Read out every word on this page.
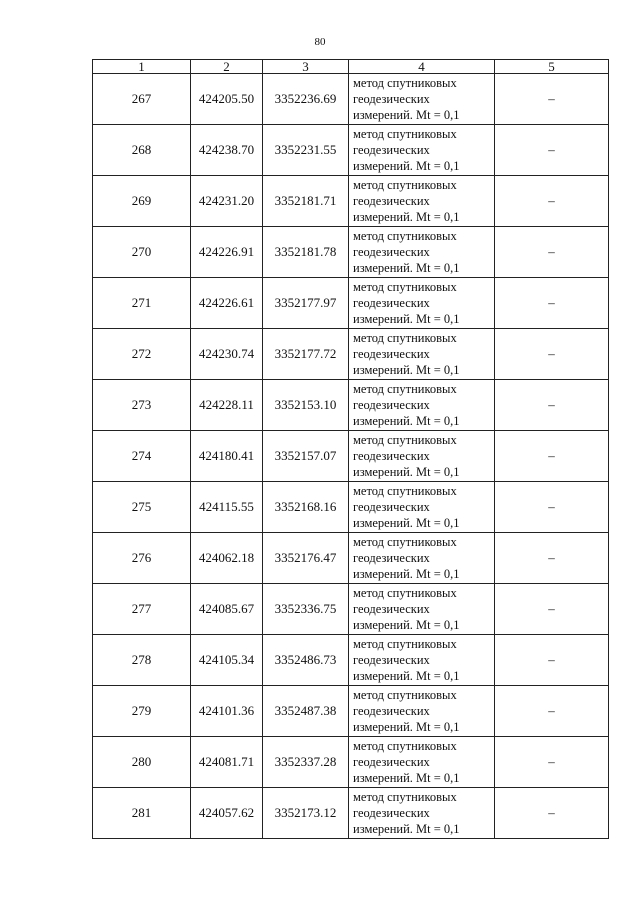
80
1	2	3	4	5
267	424205.50	3352236.69	метод спутниковых
геодезических
измерений. Mt = 0,1	–
268	424238.70	3352231.55	метод спутниковых
геодезических
измерений. Mt = 0,1	–
269	424231.20	3352181.71	метод спутниковых
геодезических
измерений. Mt = 0,1	–
270	424226.91	3352181.78	метод спутниковых
геодезических
измерений. Mt = 0,1	–
271	424226.61	3352177.97	метод спутниковых
геодезических
измерений. Mt = 0,1	–
272	424230.74	3352177.72	метод спутниковых
геодезических
измерений. Mt = 0,1	–
273	424228.11	3352153.10	метод спутниковых
геодезических
измерений. Mt = 0,1	–
274	424180.41	3352157.07	метод спутниковых
геодезических
измерений. Mt = 0,1	–
275	424115.55	3352168.16	метод спутниковых
геодезических
измерений. Mt = 0,1	–
276	424062.18	3352176.47	метод спутниковых
геодезических
измерений. Mt = 0,1	–
277	424085.67	3352336.75	метод спутниковых
геодезических
измерений. Mt = 0,1	–
278	424105.34	3352486.73	метод спутниковых
геодезических
измерений. Mt = 0,1	–
279	424101.36	3352487.38	метод спутниковых
геодезических
измерений. Mt = 0,1	–
280	424081.71	3352337.28	метод спутниковых
геодезических
измерений. Mt = 0,1	–
281	424057.62	3352173.12	метод спутниковых
геодезических
измерений. Mt = 0,1	–
